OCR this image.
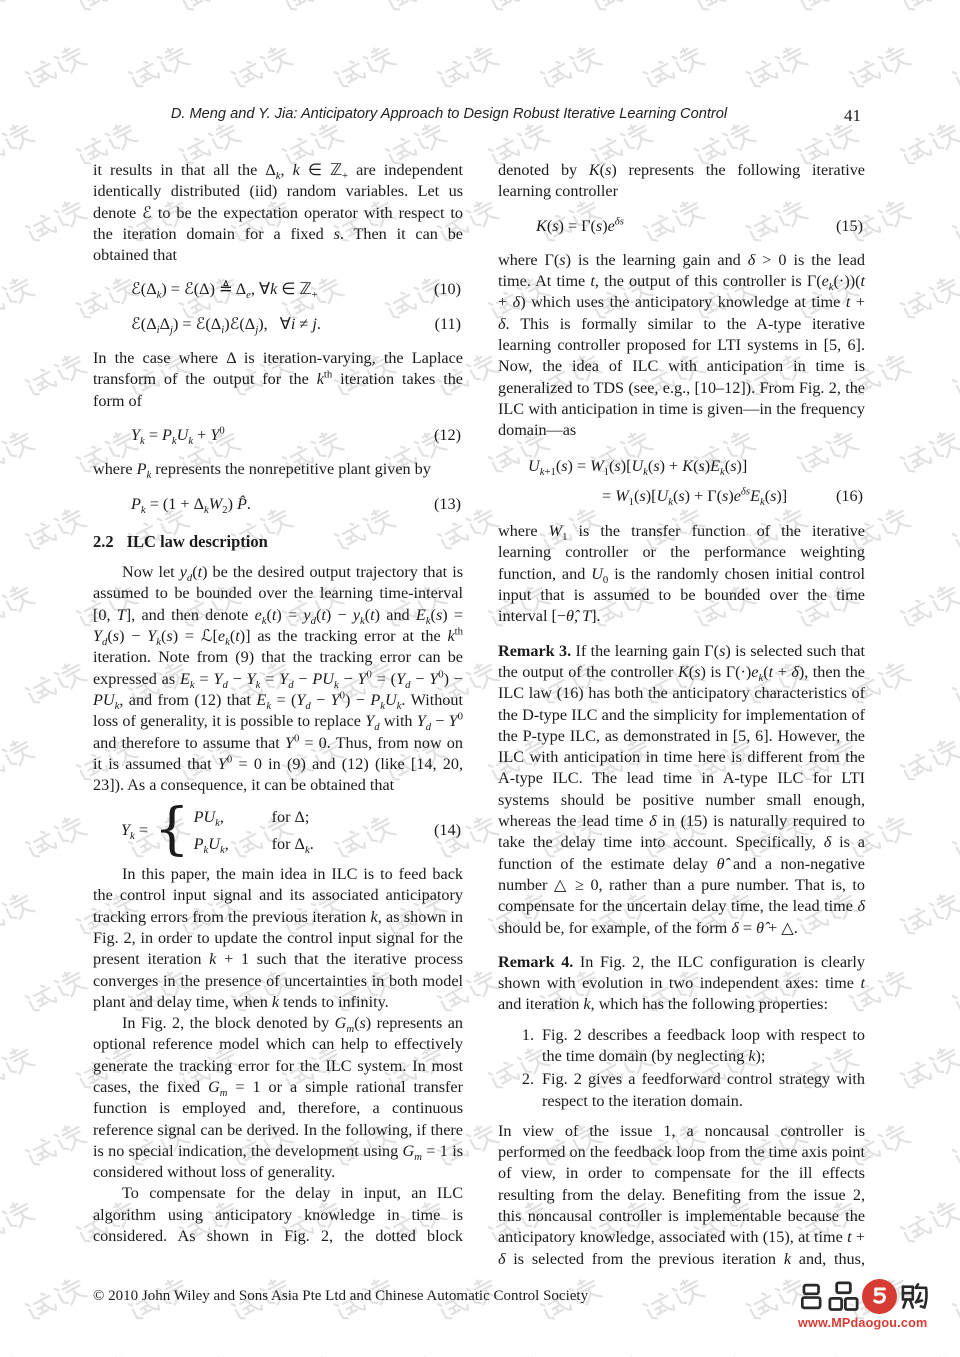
D. Meng and Y. Jia: Anticipatory Approach to Design Robust Iterative Learning Control	41

it results in that all the $\Delta_k$, k ∈ ℤ$_+$ are independent identically distributed (iid) random variables. Let us denote ℰ to be the expectation operator with respect to the iteration domain for a fixed s. Then it can be obtained that

$ℰ(\Delta_k)$ = ℰ(Δ) ≜ $\Delta_e$, ∀k ∈ ℤ$_+$	(10)
$ℰ(\Delta_i\Delta_j)$ = $ℰ(\Delta_i)ℰ(\Delta_j)$,   ∀i ≠ j.	(11)

In the case where Δ is iteration-varying, the Laplace transform of the output for the $k^{th}$ iteration takes the form of

$Y_k = P_kU_k + Y^0$	(12)

where $P_k$ represents the nonrepetitive plant given by

$P_k = (1 + \Delta_kW_2)$ P̂.	(13)
2.2 ILC law description

Now let $y_d(t)$ be the desired output trajectory that is assumed to be bounded over the learning time-interval [0, T], and then denote $e_k(t) = y_d(t) - y_k(t)$ and $E_k(s) = Y_d(s) - Y_k(s)$ = $ℒ[e_k(t)]$ as the tracking error at the $k^{th}$ iteration. Note from (9) that the tracking error can be expressed as $E_k = Y_d - Y_k = Y_d - PU_k - Y^0 = (Y_d - Y^0) - PU_k$, and from (12) that $E_k = (Y_d - Y^0) - P_kU_k$. Without loss of generality, it is possible to replace $Y_d$ with $Y_d - Y^0$ and therefore to assume that $Y^0 = 0$. Thus, from now on it is assumed that $Y^0 = 0$ in (9) and (12) (like [14, 20, 23]). As a consequence, it can be obtained that

$Y_k$ = { $PU_k$,	for Δ;
$P_kU_k$,	for $\Delta_k$.
(14)

In this paper, the main idea in ILC is to feed back the control input signal and its associated anticipatory tracking errors from the previous iteration k, as shown in Fig. 2, in order to update the control input signal for the present iteration k + 1 such that the iterative process converges in the presence of uncertainties in both model plant and delay time, when k tends to infinity.

In Fig. 2, the block denoted by $G_m(s)$ represents an optional reference model which can help to effectively generate the tracking error for the ILC system. In most cases, the fixed $G_m = 1$ or a simple rational transfer function is employed and, therefore, a continuous reference signal can be derived. In the following, if there is no special indication, the development using $G_m = 1$ is considered without loss of generality.

To compensate for the delay in input, an ILC algorithm using anticipatory knowledge in time is considered. As shown in Fig. 2, the dotted block

denoted by K(s) represents the following iterative learning controller

$K(s) = \Gamma(s)e^{\delta s}$	(15)

where Γ(s) is the learning gain and δ > 0 is the lead time. At time t, the output of this controller is $\Gamma(e_k(\cdot))(t + \delta)$ which uses the anticipatory knowledge at time t + δ. This is formally similar to the A-type iterative learning controller proposed for LTI systems in [5, 6]. Now, the idea of ILC with anticipation in time is generalized to TDS (see, e.g., [10–12]). From Fig. 2, the ILC with anticipation in time is given—in the frequency domain—as

$U_{k+1}(s) = W_1(s)[U_k(s) + K(s)E_k(s)]$
= $W_1(s)[U_k(s) + \Gamma(s)e^{\delta s}E_k(s)]$	(16)

where $W_1$ is the transfer function of the iterative learning controller or the performance weighting function, and $U_0$ is the randomly chosen initial control input that is assumed to be bounded over the time interval [−θ̂, T].

Remark 3. If the learning gain Γ(s) is selected such that the output of the controller K(s) is $\Gamma(\cdot)e_k(t + \delta)$, then the ILC law (16) has both the anticipatory characteristics of the D-type ILC and the simplicity for implementation of the P-type ILC, as demonstrated in [5, 6]. However, the ILC with anticipation in time here is different from the A-type ILC. The lead time in A-type ILC for LTI systems should be positive number small enough, whereas the lead time δ in (15) is naturally required to take the delay time into account. Specifically, δ is a function of the estimate delay θ̂ and a non-negative number △ ≥ 0, rather than a pure number. That is, to compensate for the uncertain delay time, the lead time δ should be, for example, of the form δ = θ̂ + △.

Remark 4. In Fig. 2, the ILC configuration is clearly shown with evolution in two independent axes: time t and iteration k, which has the following properties:

1. Fig. 2 describes a feedback loop with respect to the time domain (by neglecting k);
2. Fig. 2 gives a feedforward control strategy with respect to the iteration domain.

In view of the issue 1, a noncausal controller is performed on the feedback loop from the time axis point of view, in order to compensate for the ill effects resulting from the delay. Benefiting from the issue 2, this noncausal controller is implementable because the anticipatory knowledge, associated with (15), at time t + δ is selected from the previous iteration k and, thus,

© 2010 John Wiley and Sons Asia Pte Ltd and Chinese Automatic Control Society
www.MPdaogou.com
